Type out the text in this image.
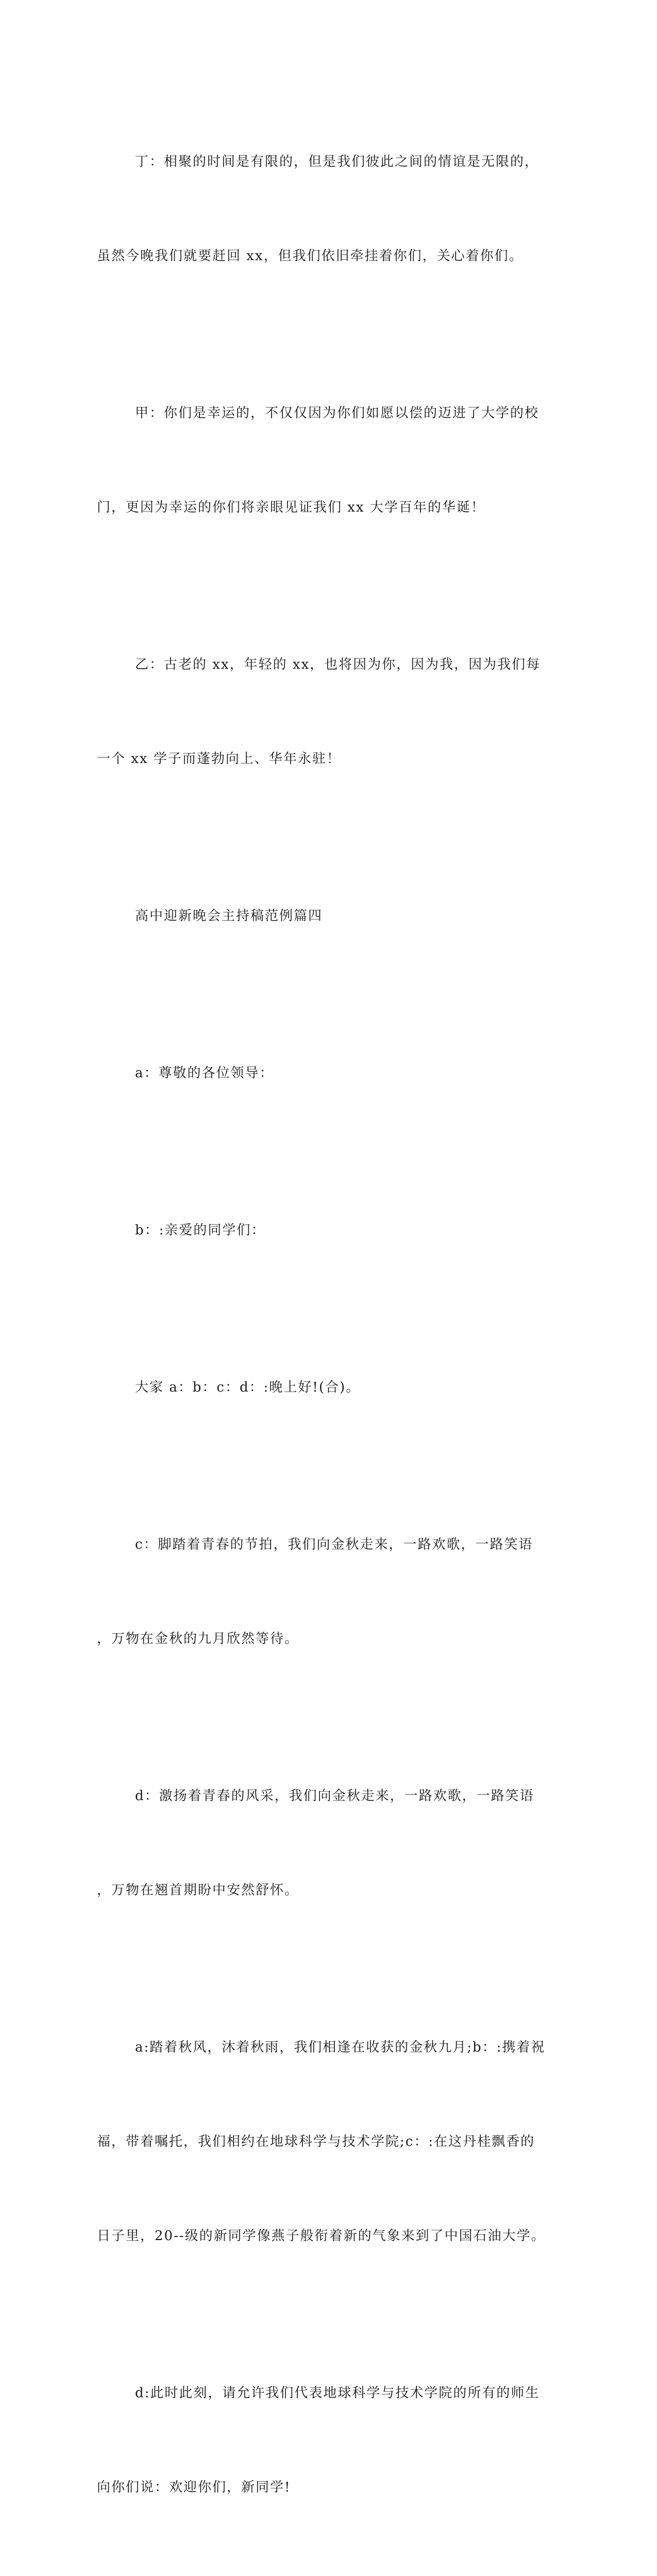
丁：相聚的时间是有限的，但是我们彼此之间的情谊是无限的，

虽然今晚我们就要赶回 xx，但我们依旧牵挂着你们，关心着你们。

甲：你们是幸运的，不仅仅因为你们如愿以偿的迈进了大学的校

门，更因为幸运的你们将亲眼见证我们 xx 大学百年的华诞！

乙：古老的 xx，年轻的 xx，也将因为你，因为我，因为我们每

一个 xx 学子而蓬勃向上、华年永驻！

高中迎新晚会主持稿范例篇四

a：尊敬的各位领导：

b：:亲爱的同学们：

大家 a：b：c：d：:晚上好!(合)。

c：脚踏着青春的节拍，我们向金秋走来，一路欢歌，一路笑语

，万物在金秋的九月欣然等待。

d：激扬着青春的风采，我们向金秋走来，一路欢歌，一路笑语

，万物在翘首期盼中安然舒怀。

a:踏着秋风，沐着秋雨，我们相逢在收获的金秋九月;b：:携着祝

福，带着嘱托，我们相约在地球科学与技术学院;c：:在这丹桂飘香的

日子里，20--级的新同学像燕子般衔着新的气象来到了中国石油大学。

d:此时此刻，请允许我们代表地球科学与技术学院的所有的师生

向你们说：欢迎你们，新同学!
